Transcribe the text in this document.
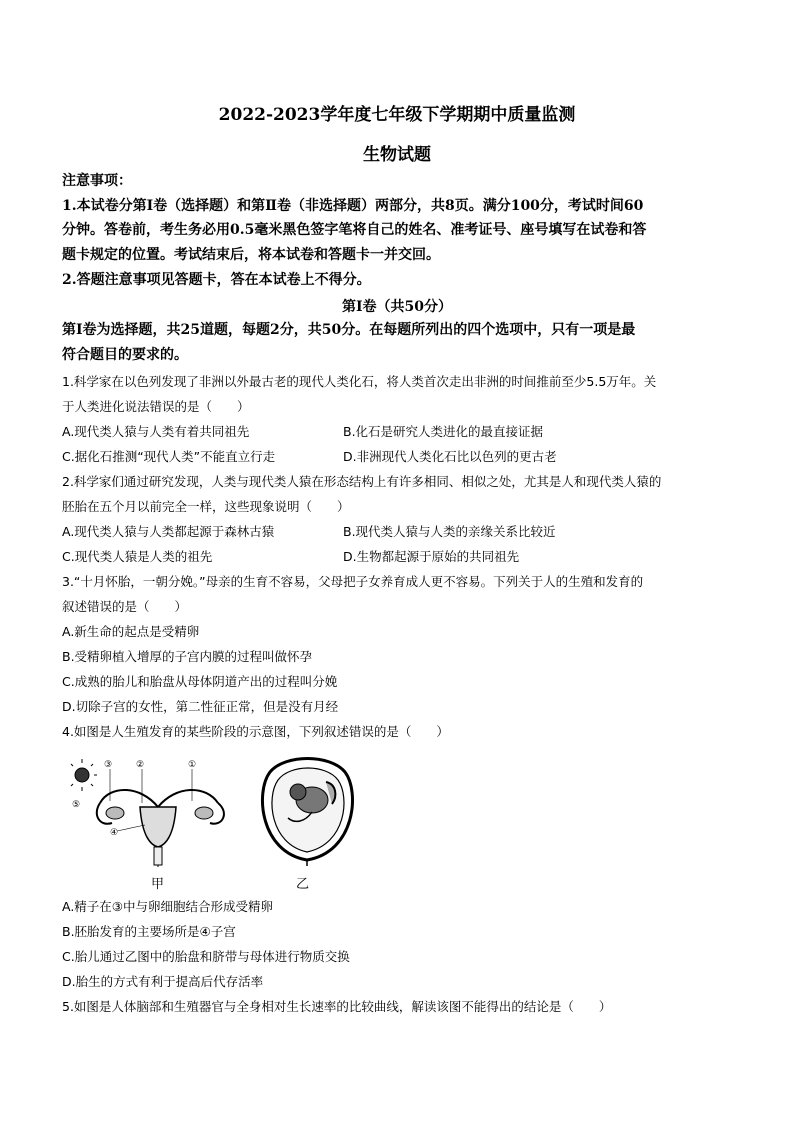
2022-2023学年度七年级下学期期中质量监测
生物试题
注意事项：
1.本试卷分第Ⅰ卷（选择题）和第Ⅱ卷（非选择题）两部分，共8页。满分100分，考试时间60
分钟。答卷前，考生务必用0.5毫米黑色签字笔将自己的姓名、准考证号、座号填写在试卷和答
题卡规定的位置。考试结束后，将本试卷和答题卡一并交回。
2.答题注意事项见答题卡，答在本试卷上不得分。
第Ⅰ卷（共50分）
第Ⅰ卷为选择题，共25道题，每题2分，共50分。在每题所列出的四个选项中，只有一项是最
符合题目的要求的。
1.科学家在以色列发现了非洲以外最古老的现代人类化石，将人类首次走出非洲的时间推前至少5.5万年。关
于人类进化说法错误的是（　　）
A.现代类人猿与人类有着共同祖先	B.化石是研究人类进化的最直接证据
C.据化石推测“现代人类”不能直立行走	D.非洲现代人类化石比以色列的更古老
2.科学家们通过研究发现，人类与现代类人猿在形态结构上有许多相同、相似之处，尤其是人和现代类人猿的
胚胎在五个月以前完全一样，这些现象说明（　　）
A.现代类人猿与人类都起源于森林古猿	B.现代类人猿与人类的亲缘关系比较近
C.现代类人猿是人类的祖先	D.生物都起源于原始的共同祖先
3.“十月怀胎，一朝分娩。”母亲的生育不容易，父母把子女养育成人更不容易。下列关于人的生殖和发育的
叙述错误的是（　　）
A.新生命的起点是受精卵
B.受精卵植入增厚的子宫内膜的过程叫做怀孕
C.成熟的胎儿和胎盘从母体阴道产出的过程叫分娩
D.切除子宫的女性，第二性征正常，但是没有月经
4.如图是人生殖发育的某些阶段的示意图，下列叙述错误的是（　　）
⑤
③	②	①
④
甲	乙
A.精子在③中与卵细胞结合形成受精卵
B.胚胎发育的主要场所是④子宫
C.胎儿通过乙图中的胎盘和脐带与母体进行物质交换
D.胎生的方式有利于提高后代存活率
5.如图是人体脑部和生殖器官与全身相对生长速率的比较曲线，解读该图不能得出的结论是（　　）
